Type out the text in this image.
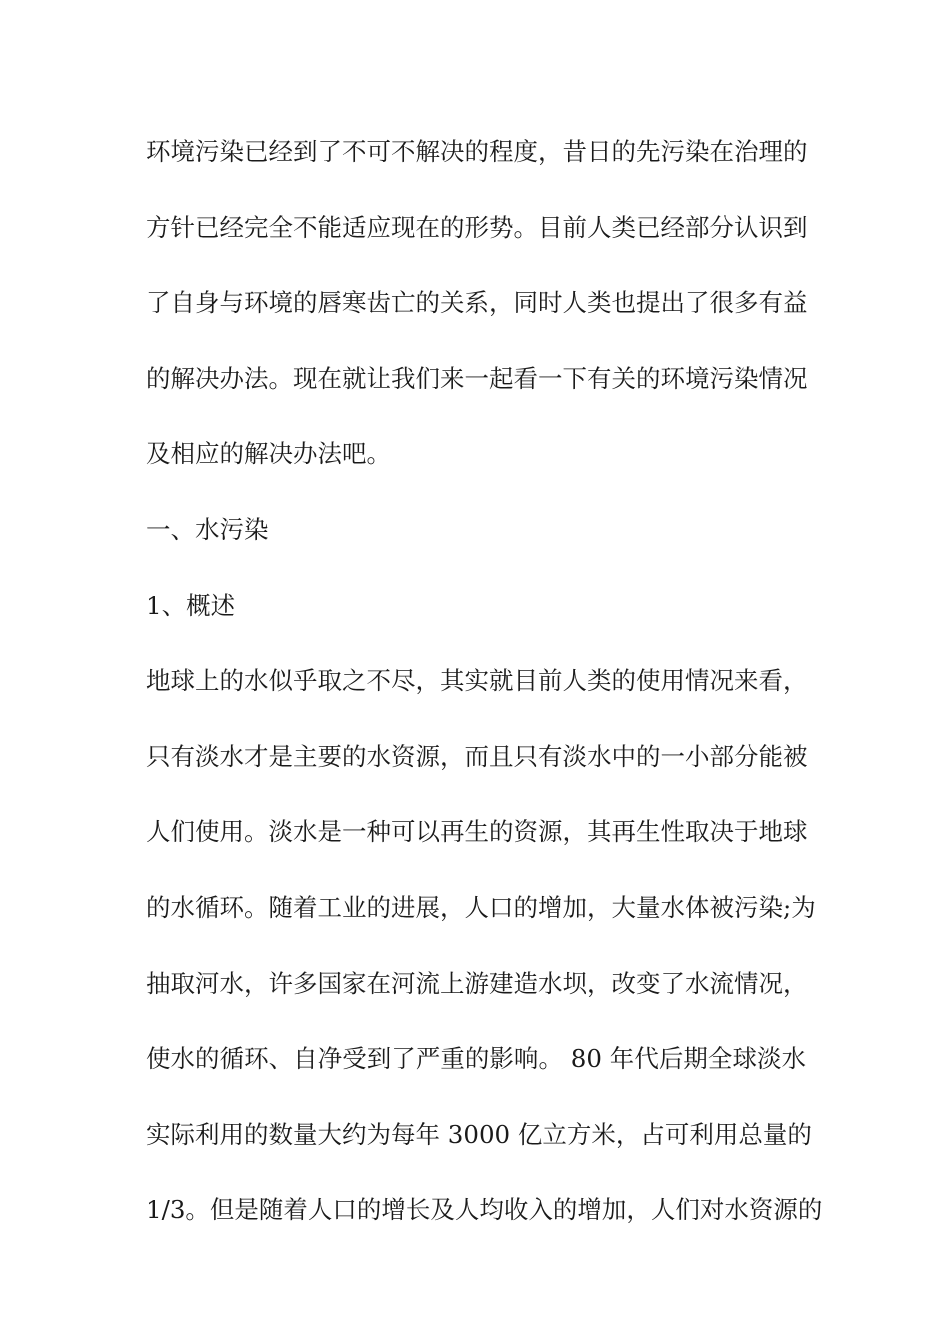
环境污染已经到了不可不解决的程度，昔日的先污染在治理的
方针已经完全不能适应现在的形势。目前人类已经部分认识到
了自身与环境的唇寒齿亡的关系，同时人类也提出了很多有益
的解决办法。现在就让我们来一起看一下有关的环境污染情况
及相应的解决办法吧。
一、水污染
1、概述
地球上的水似乎取之不尽，其实就目前人类的使用情况来看，
只有淡水才是主要的水资源，而且只有淡水中的一小部分能被
人们使用。淡水是一种可以再生的资源，其再生性取决于地球
的水循环。随着工业的进展，人口的增加，大量水体被污染;为
抽取河水，许多国家在河流上游建造水坝，改变了水流情况，
使水的循环、自净受到了严重的影响。 80 年代后期全球淡水
实际利用的数量大约为每年 3000 亿立方米，占可利用总量的
1/3。但是随着人口的增长及人均收入的增加，人们对水资源的
